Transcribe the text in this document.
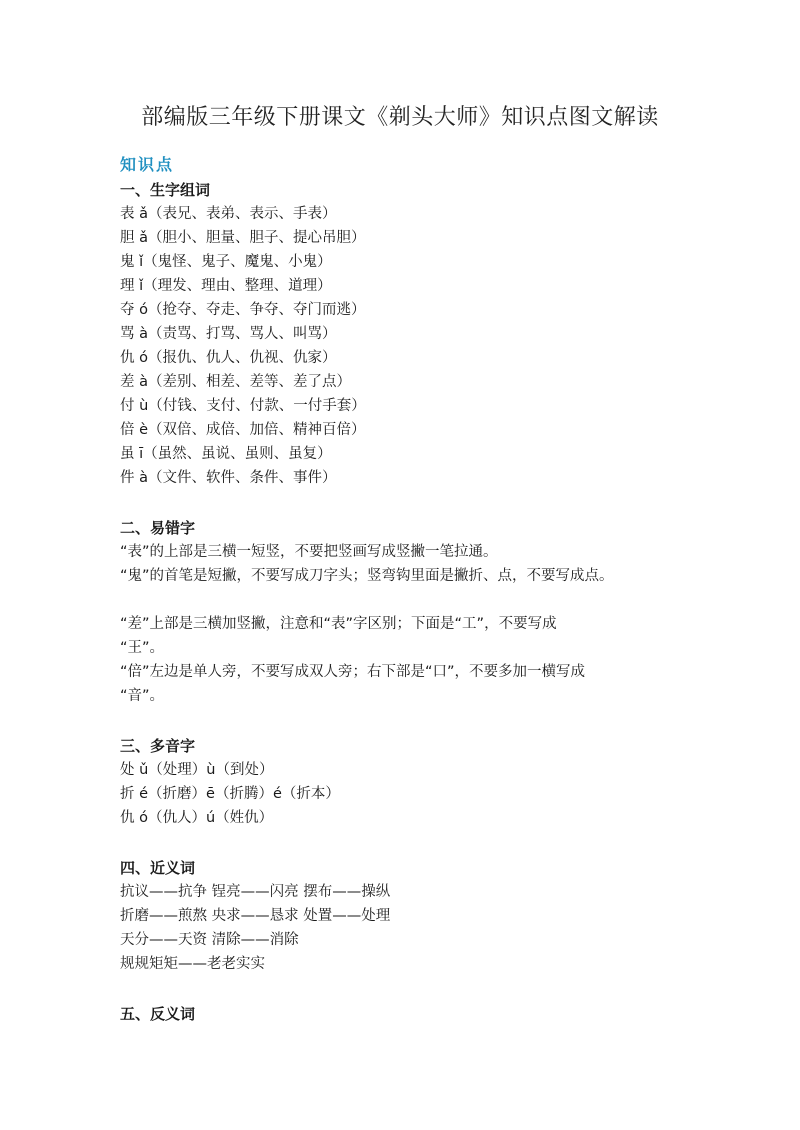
部编版三年级下册课文《剃头大师》知识点图文解读
知识点
一、生字组词
表 ǎ（表兄、表弟、表示、手表）
胆 ǎ（胆小、胆量、胆子、提心吊胆）
鬼 ǐ（鬼怪、鬼子、魔鬼、小鬼）
理 ǐ（理发、理由、整理、道理）
夺 ó（抢夺、夺走、争夺、夺门而逃）
骂 à（责骂、打骂、骂人、叫骂）
仇 ó（报仇、仇人、仇视、仇家）
差 à（差别、相差、差等、差了点）
付 ù（付钱、支付、付款、一付手套）
倍 è（双倍、成倍、加倍、精神百倍）
虽 ī（虽然、虽说、虽则、虽复）
件 à（文件、软件、条件、事件）
二、易错字
“表”的上部是三横一短竖，不要把竖画写成竖撇一笔拉通。
“鬼”的首笔是短撇，不要写成刀字头；竖弯钩里面是撇折、点，不要写成点。
“差”上部是三横加竖撇，注意和“表”字区别；下面是“工”，不要写成
“王”。
“倍”左边是单人旁，不要写成双人旁；右下部是“口”，不要多加一横写成
“音”。
三、多音字
处 ǔ（处理）ù（到处）
折 é（折磨）ē（折腾）é（折本）
仇 ó（仇人）ú（姓仇）
四、近义词
抗议——抗争 锃亮——闪亮 摆布——操纵
折磨——煎熬 央求——恳求 处置——处理
天分——天资 清除——消除
规规矩矩——老老实实
五、反义词
